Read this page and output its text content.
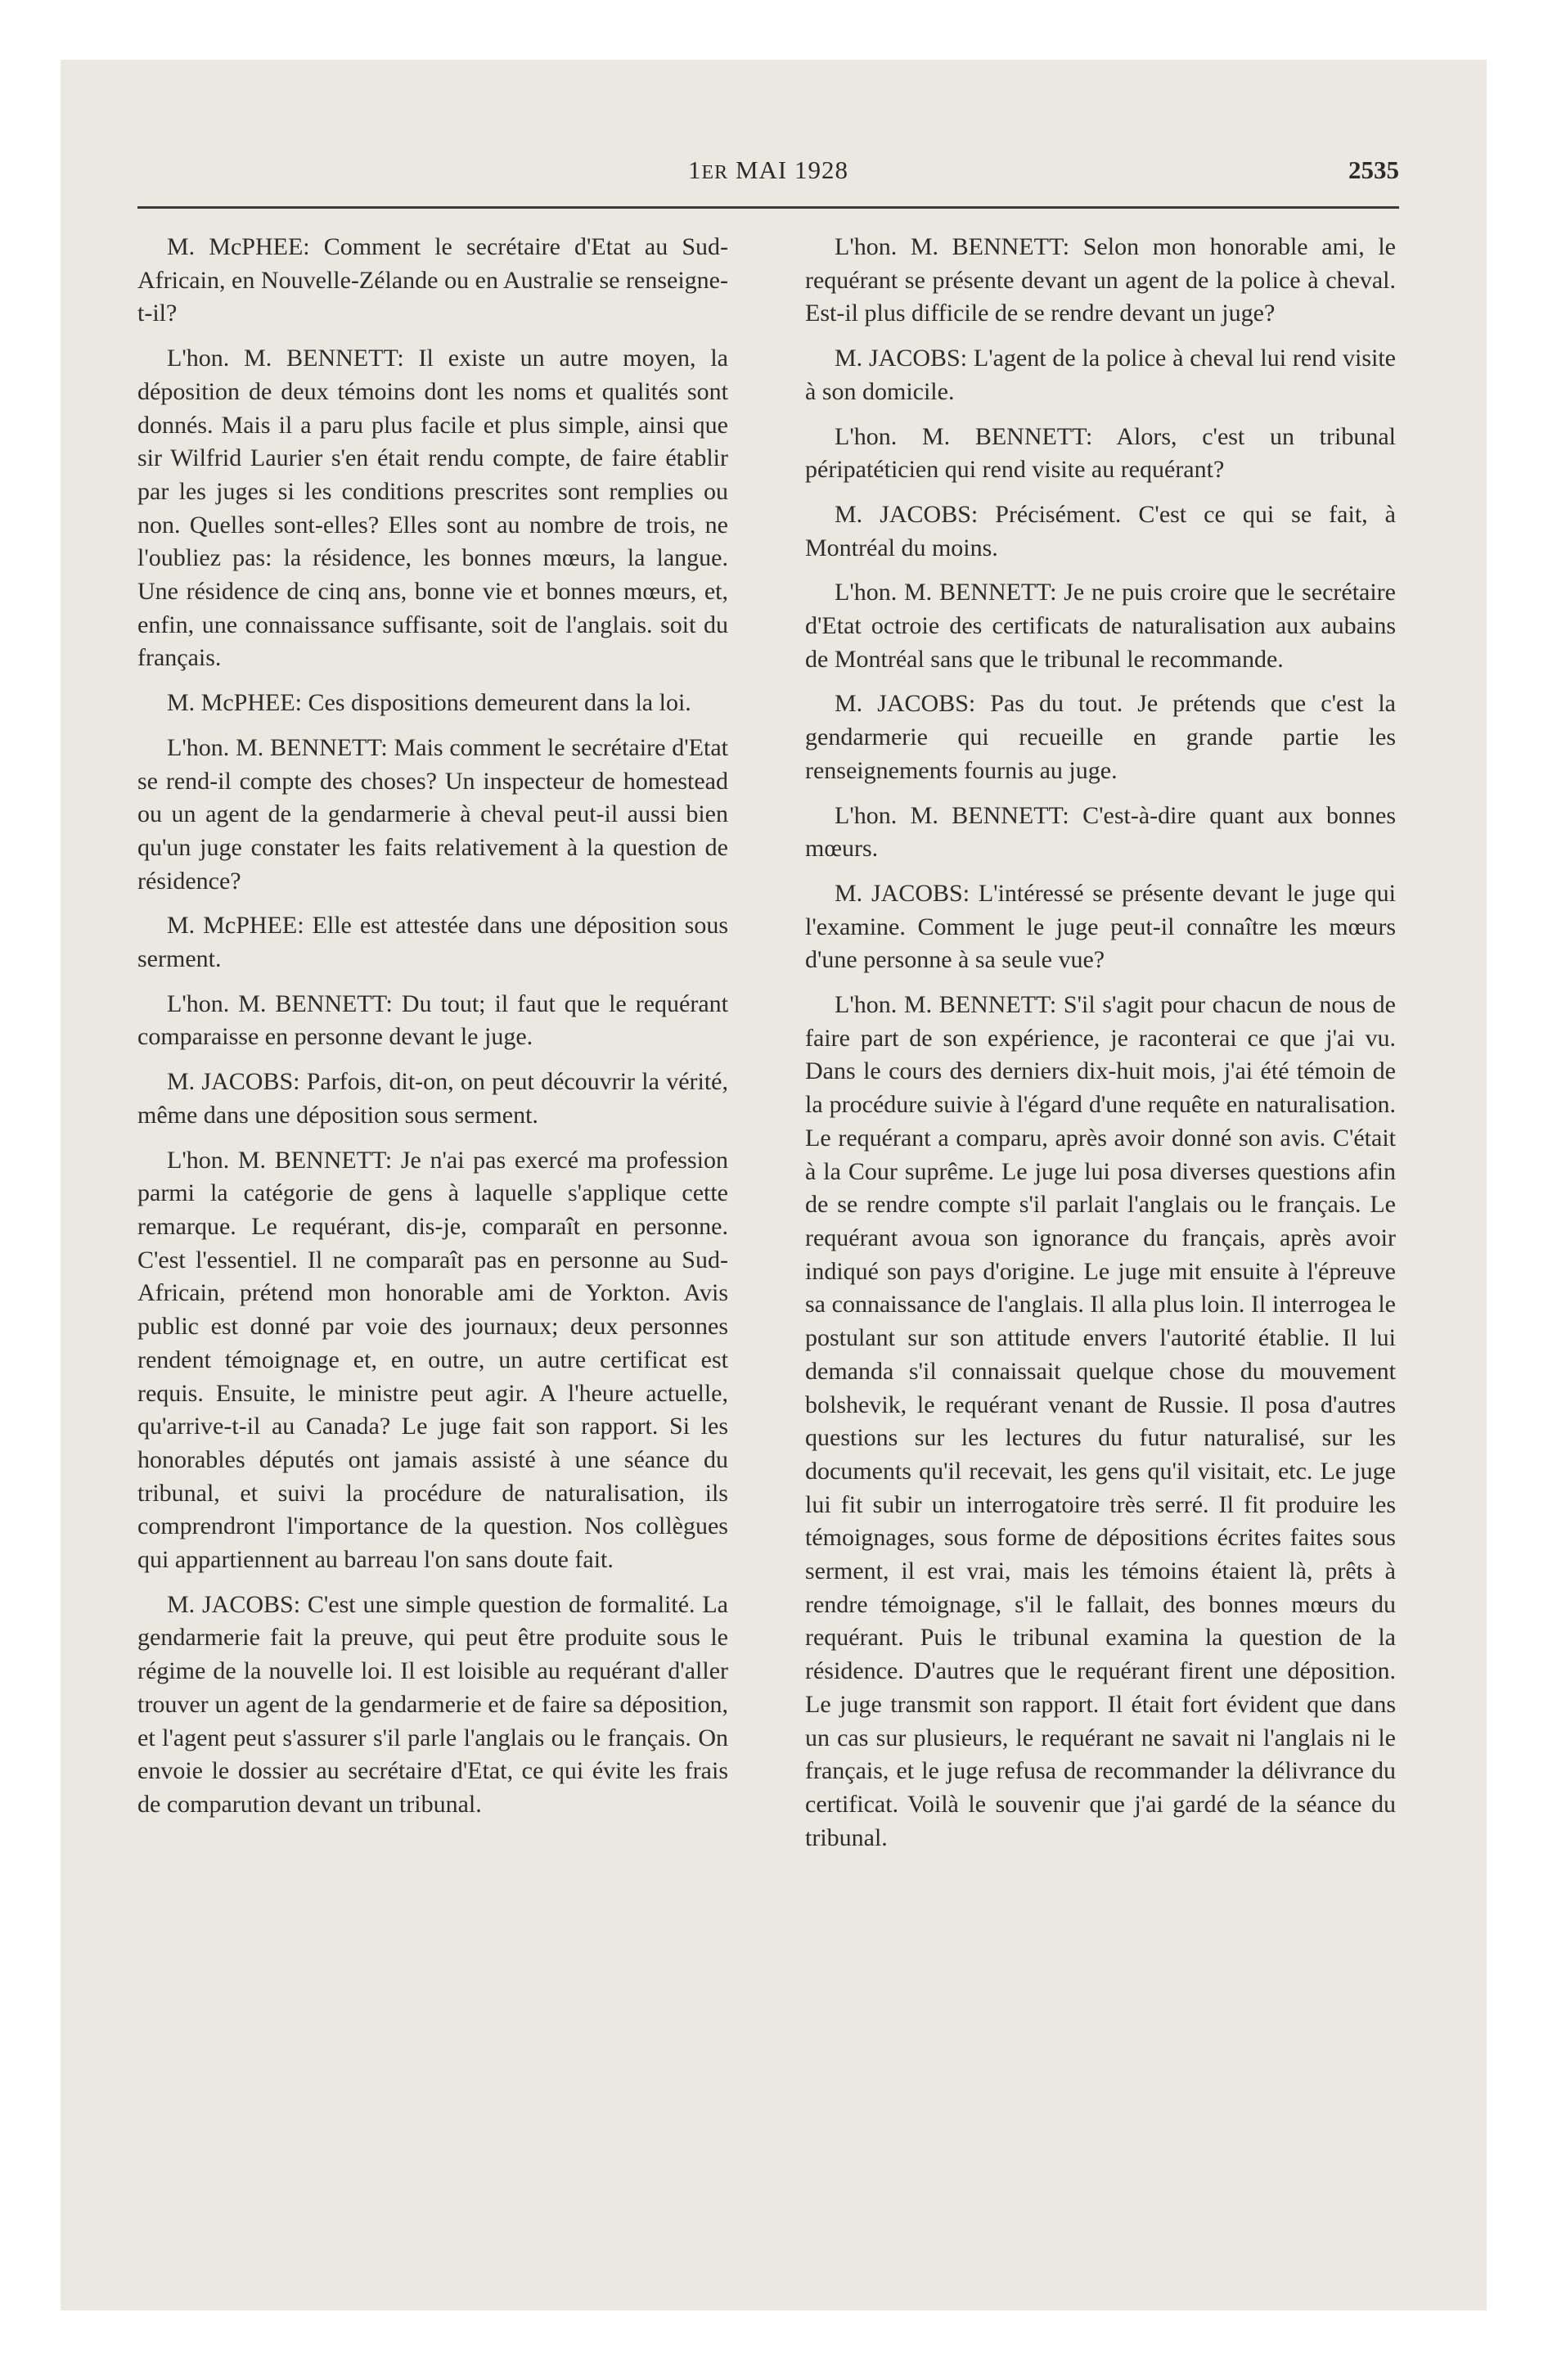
1ER MAI 1928	2535

M. McPHEE: Comment le secrétaire d'Etat au Sud-Africain, en Nouvelle-Zélande ou en Australie se renseigne-t-il?

L'hon. M. BENNETT: Il existe un autre moyen, la déposition de deux témoins dont les noms et qualités sont donnés. Mais il a paru plus facile et plus simple, ainsi que sir Wilfrid Laurier s'en était rendu compte, de faire établir par les juges si les conditions prescrites sont remplies ou non. Quelles sont-elles? Elles sont au nombre de trois, ne l'oubliez pas: la résidence, les bonnes mœurs, la langue. Une résidence de cinq ans, bonne vie et bonnes mœurs, et, enfin, une connaissance suffisante, soit de l'anglais. soit du français.

M. McPHEE: Ces dispositions demeurent dans la loi.

L'hon. M. BENNETT: Mais comment le secrétaire d'Etat se rend-il compte des choses? Un inspecteur de homestead ou un agent de la gendarmerie à cheval peut-il aussi bien qu'un juge constater les faits relativement à la question de résidence?

M. McPHEE: Elle est attestée dans une déposition sous serment.

L'hon. M. BENNETT: Du tout; il faut que le requérant comparaisse en personne devant le juge.

M. JACOBS: Parfois, dit-on, on peut découvrir la vérité, même dans une déposition sous serment.

L'hon. M. BENNETT: Je n'ai pas exercé ma profession parmi la catégorie de gens à laquelle s'applique cette remarque. Le requérant, dis-je, comparaît en personne. C'est l'essentiel. Il ne comparaît pas en personne au Sud-Africain, prétend mon honorable ami de Yorkton. Avis public est donné par voie des journaux; deux personnes rendent témoignage et, en outre, un autre certificat est requis. Ensuite, le ministre peut agir. A l'heure actuelle, qu'arrive-t-il au Canada? Le juge fait son rapport. Si les honorables députés ont jamais assisté à une séance du tribunal, et suivi la procédure de naturalisation, ils comprendront l'importance de la question. Nos collègues qui appartiennent au barreau l'on sans doute fait.

M. JACOBS: C'est une simple question de formalité. La gendarmerie fait la preuve, qui peut être produite sous le régime de la nouvelle loi. Il est loisible au requérant d'aller trouver un agent de la gendarmerie et de faire sa déposition, et l'agent peut s'assurer s'il parle l'anglais ou le français. On envoie le dossier au secrétaire d'Etat, ce qui évite les frais de comparution devant un tribunal.

L'hon. M. BENNETT: Selon mon honorable ami, le requérant se présente devant un agent de la police à cheval. Est-il plus difficile de se rendre devant un juge?

M. JACOBS: L'agent de la police à cheval lui rend visite à son domicile.

L'hon. M. BENNETT: Alors, c'est un tribunal péripatéticien qui rend visite au requérant?

M. JACOBS: Précisément. C'est ce qui se fait, à Montréal du moins.

L'hon. M. BENNETT: Je ne puis croire que le secrétaire d'Etat octroie des certificats de naturalisation aux aubains de Montréal sans que le tribunal le recommande.

M. JACOBS: Pas du tout. Je prétends que c'est la gendarmerie qui recueille en grande partie les renseignements fournis au juge.

L'hon. M. BENNETT: C'est-à-dire quant aux bonnes mœurs.

M. JACOBS: L'intéressé se présente devant le juge qui l'examine. Comment le juge peut-il connaître les mœurs d'une personne à sa seule vue?

L'hon. M. BENNETT: S'il s'agit pour chacun de nous de faire part de son expérience, je raconterai ce que j'ai vu. Dans le cours des derniers dix-huit mois, j'ai été témoin de la procédure suivie à l'égard d'une requête en naturalisation. Le requérant a comparu, après avoir donné son avis. C'était à la Cour suprême. Le juge lui posa diverses questions afin de se rendre compte s'il parlait l'anglais ou le français. Le requérant avoua son ignorance du français, après avoir indiqué son pays d'origine. Le juge mit ensuite à l'épreuve sa connaissance de l'anglais. Il alla plus loin. Il interrogea le postulant sur son attitude envers l'autorité établie. Il lui demanda s'il connaissait quelque chose du mouvement bolshevik, le requérant venant de Russie. Il posa d'autres questions sur les lectures du futur naturalisé, sur les documents qu'il recevait, les gens qu'il visitait, etc. Le juge lui fit subir un interrogatoire très serré. Il fit produire les témoignages, sous forme de dépositions écrites faites sous serment, il est vrai, mais les témoins étaient là, prêts à rendre témoignage, s'il le fallait, des bonnes mœurs du requérant. Puis le tribunal examina la question de la résidence. D'autres que le requérant firent une déposition. Le juge transmit son rapport. Il était fort évident que dans un cas sur plusieurs, le requérant ne savait ni l'anglais ni le français, et le juge refusa de recommander la délivrance du certificat. Voilà le souvenir que j'ai gardé de la séance du tribunal.
